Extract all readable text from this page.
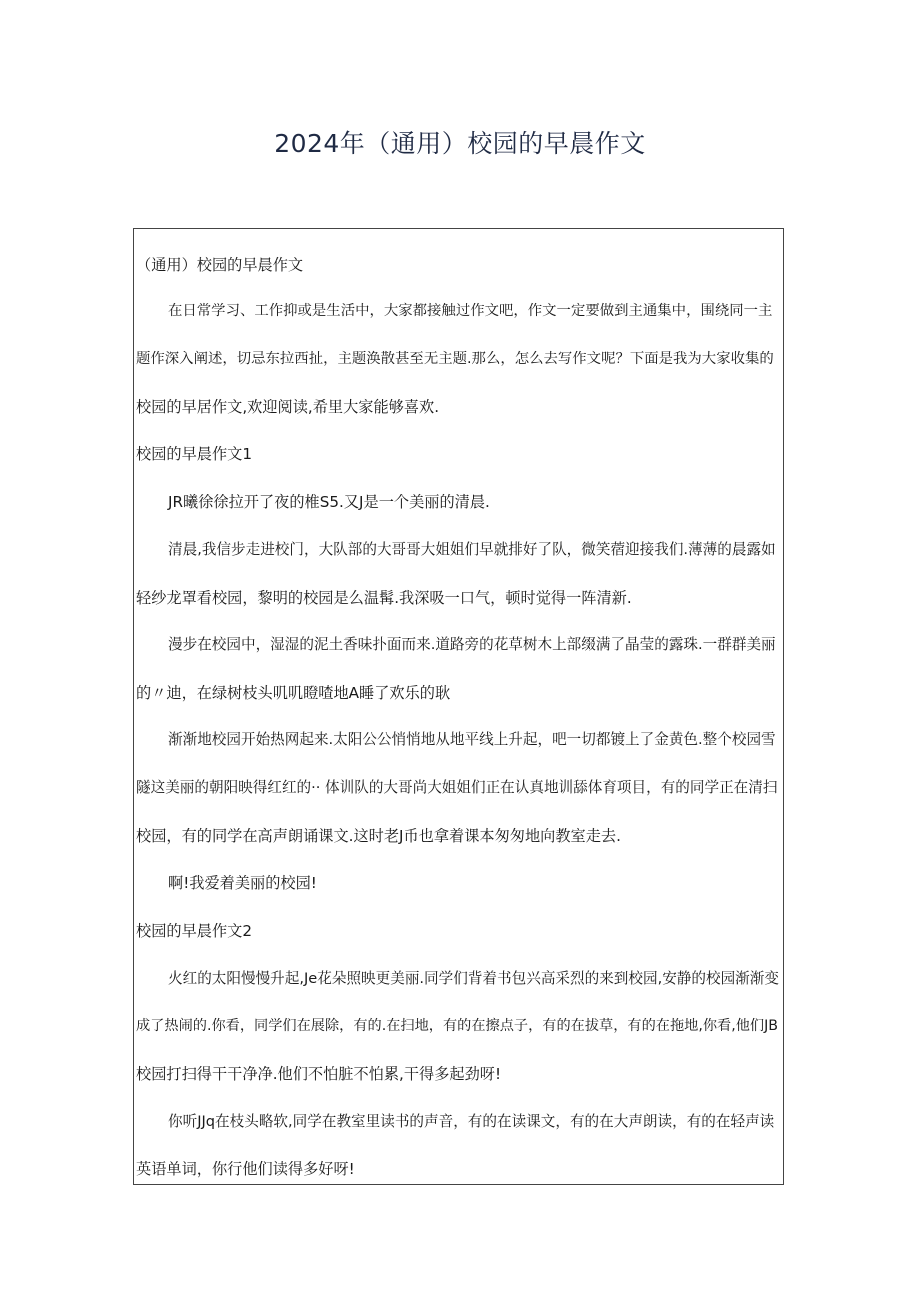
2024年（通用）校园的早晨作文
（通用）校园的早晨作文
在日常学习、工作抑或是生活中，大家都接触过作文吧，作文一定要做到主通集中，围绕同一主
题作深入阐述，切忌东拉西扯，主题涣散甚至无主题.那么，怎么去写作文呢？下面是我为大家收集的
校园的早居作文,欢迎阅读,希里大家能够喜欢.
校园的早晨作文1
JR曦徐徐拉开了夜的椎S5.又J是一个美丽的清晨.
清晨,我信步走进校门，大队部的大哥哥大姐姐们早就排好了队，微笑蓿迎接我们.薄薄的晨露如
轻纱龙罩看校园，黎明的校园是么温髯.我深吸一口气，顿时觉得一阵清新.
漫步在校园中，湿湿的泥土香味扑面而来.道路旁的花草树木上部缀满了晶莹的露珠.一群群美丽
的〃迪，在绿树枝头叽叽瞪喳地A睡了欢乐的耿
渐渐地校园开始热网起来.太阳公公悄悄地从地平线上升起，吧一切都镀上了金黄色.整个校园雪
隧这美丽的朝阳映得红红的·· 体训队的大哥尚大姐姐们正在认真地训舔体育项目，有的同学正在清扫
校园，有的同学在高声朗诵课文.这时老J币也拿着课本匆匆地向教室走去.
啊!我爱着美丽的校园!
校园的早晨作文2
火红的太阳慢慢升起,Je花朵照映更美丽.同学们背着书包兴高采烈的来到校园,安静的校园渐渐变
成了热闹的.你看，同学们在展除，有的.在扫地，有的在擦点子，有的在拔草，有的在拖地,你看,他们JB
校园打扫得干干净净.他们不怕脏不怕累,干得多起劲呀!
你听JJq在枝头略软,同学在教室里读书的声音，有的在读课文，有的在大声朗读，有的在轻声读
英语单词，你行他们读得多好呀!
